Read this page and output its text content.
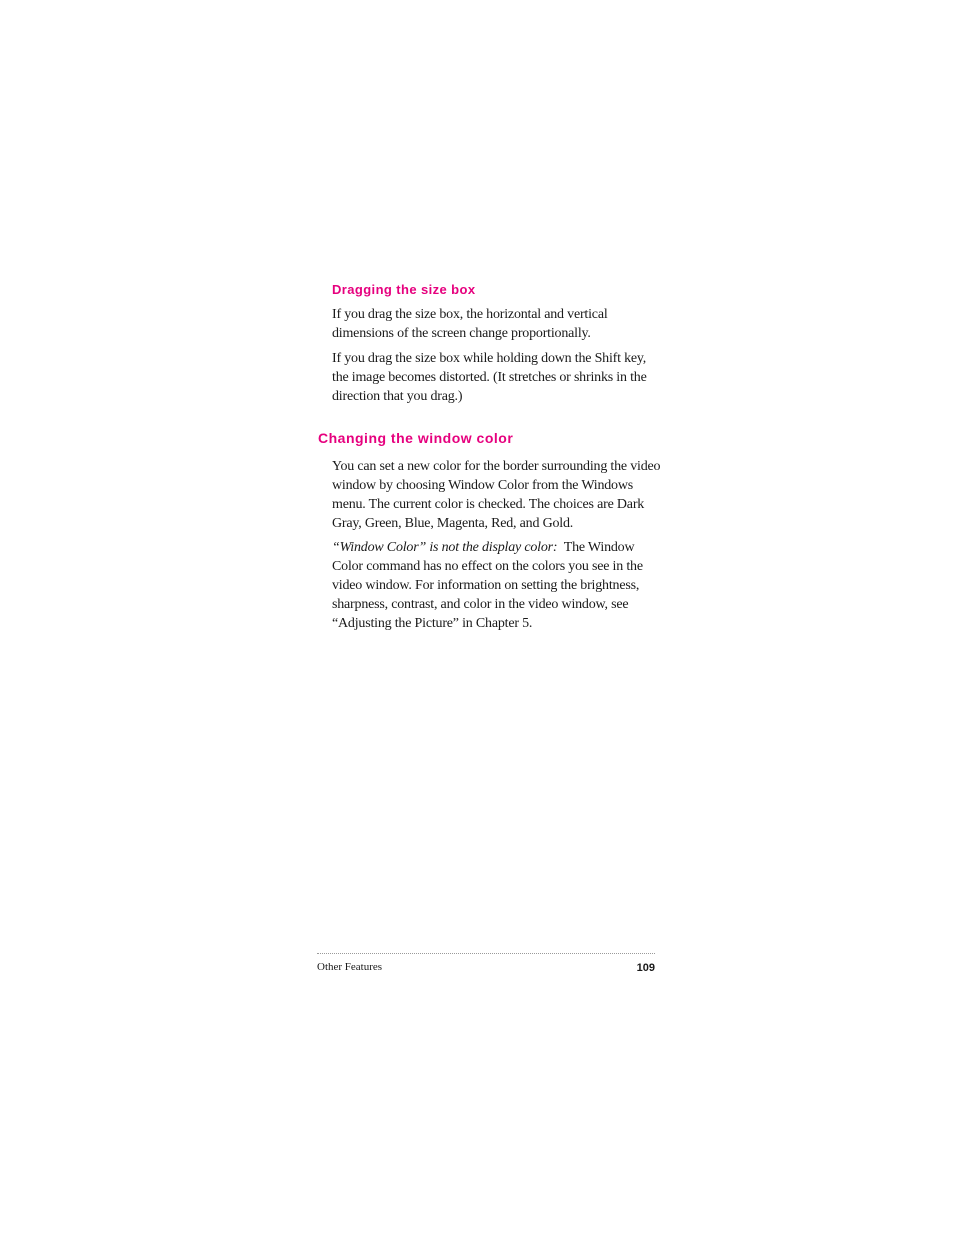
Dragging the size box

If you drag the size box, the horizontal and vertical dimensions of the screen change proportionally.

If you drag the size box while holding down the Shift key, the image becomes distorted. (It stretches or shrinks in the direction that you drag.)

Changing the window color

You can set a new color for the border surrounding the video window by choosing Window Color from the Windows menu. The current color is checked. The choices are Dark Gray, Green, Blue, Magenta, Red, and Gold.

“Window Color” is not the display color: The Window Color command has no effect on the colors you see in the video window. For information on setting the brightness, sharpness, contrast, and color in the video window, see “Adjusting the Picture” in Chapter 5.

Other Features	109
